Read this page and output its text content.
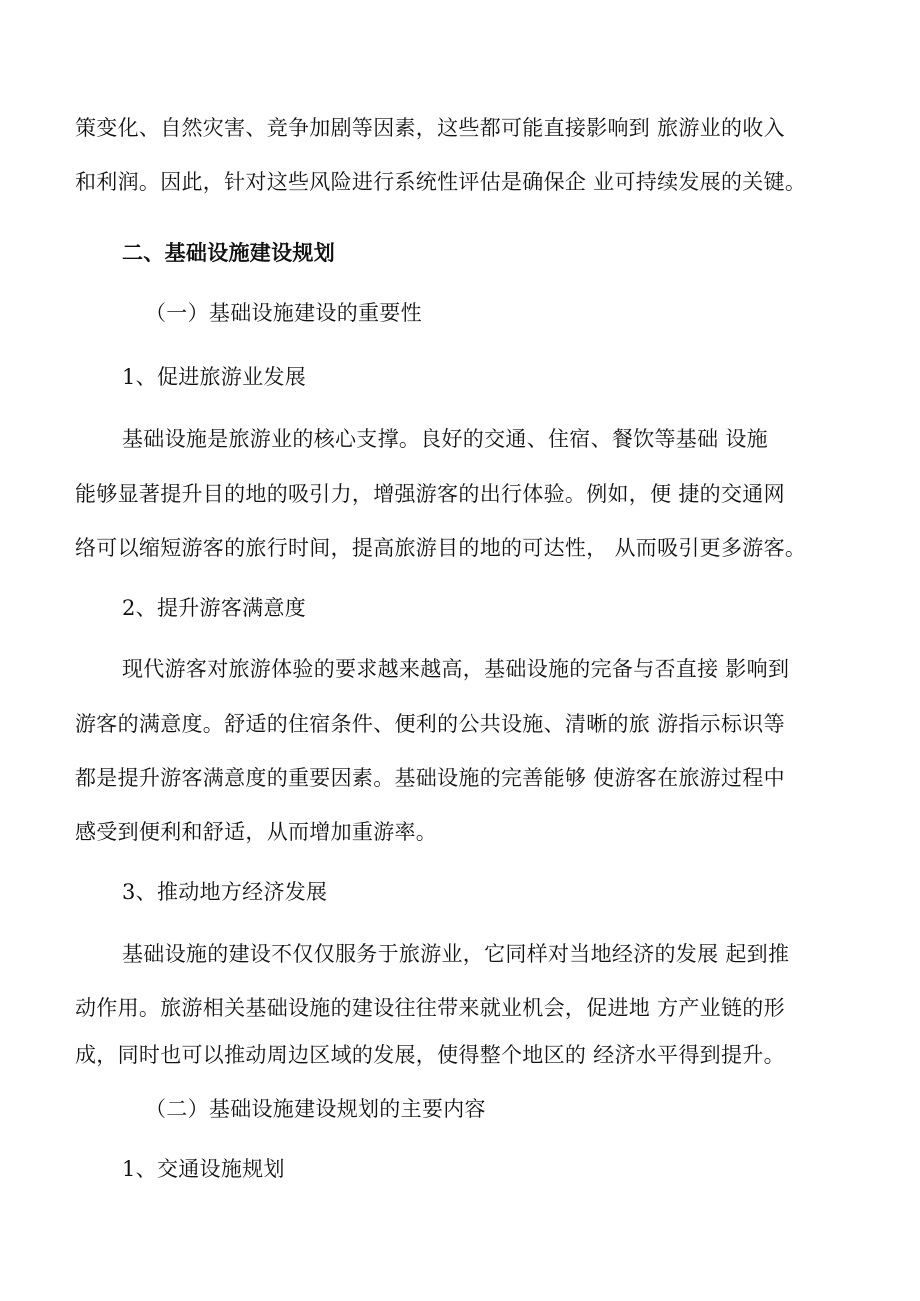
策变化、自然灾害、竞争加剧等因素，这些都可能直接影响到 旅游业的收入
和利润。因此，针对这些风险进行系统性评估是确保企 业可持续发展的关键。
二、基础设施建设规划
（一）基础设施建设的重要性
1、促进旅游业发展
基础设施是旅游业的核心支撑。良好的交通、住宿、餐饮等基础 设施
能够显著提升目的地的吸引力，增强游客的出行体验。例如，便 捷的交通网
络可以缩短游客的旅行时间，提高旅游目的地的可达性， 从而吸引更多游客。
2、提升游客满意度
现代游客对旅游体验的要求越来越高，基础设施的完备与否直接 影响到
游客的满意度。舒适的住宿条件、便利的公共设施、清晰的旅 游指示标识等
都是提升游客满意度的重要因素。基础设施的完善能够 使游客在旅游过程中
感受到便利和舒适，从而增加重游率。
3、推动地方经济发展
基础设施的建设不仅仅服务于旅游业，它同样对当地经济的发展 起到推
动作用。旅游相关基础设施的建设往往带来就业机会，促进地 方产业链的形
成，同时也可以推动周边区域的发展，使得整个地区的 经济水平得到提升。
（二）基础设施建设规划的主要内容
1、交通设施规划
